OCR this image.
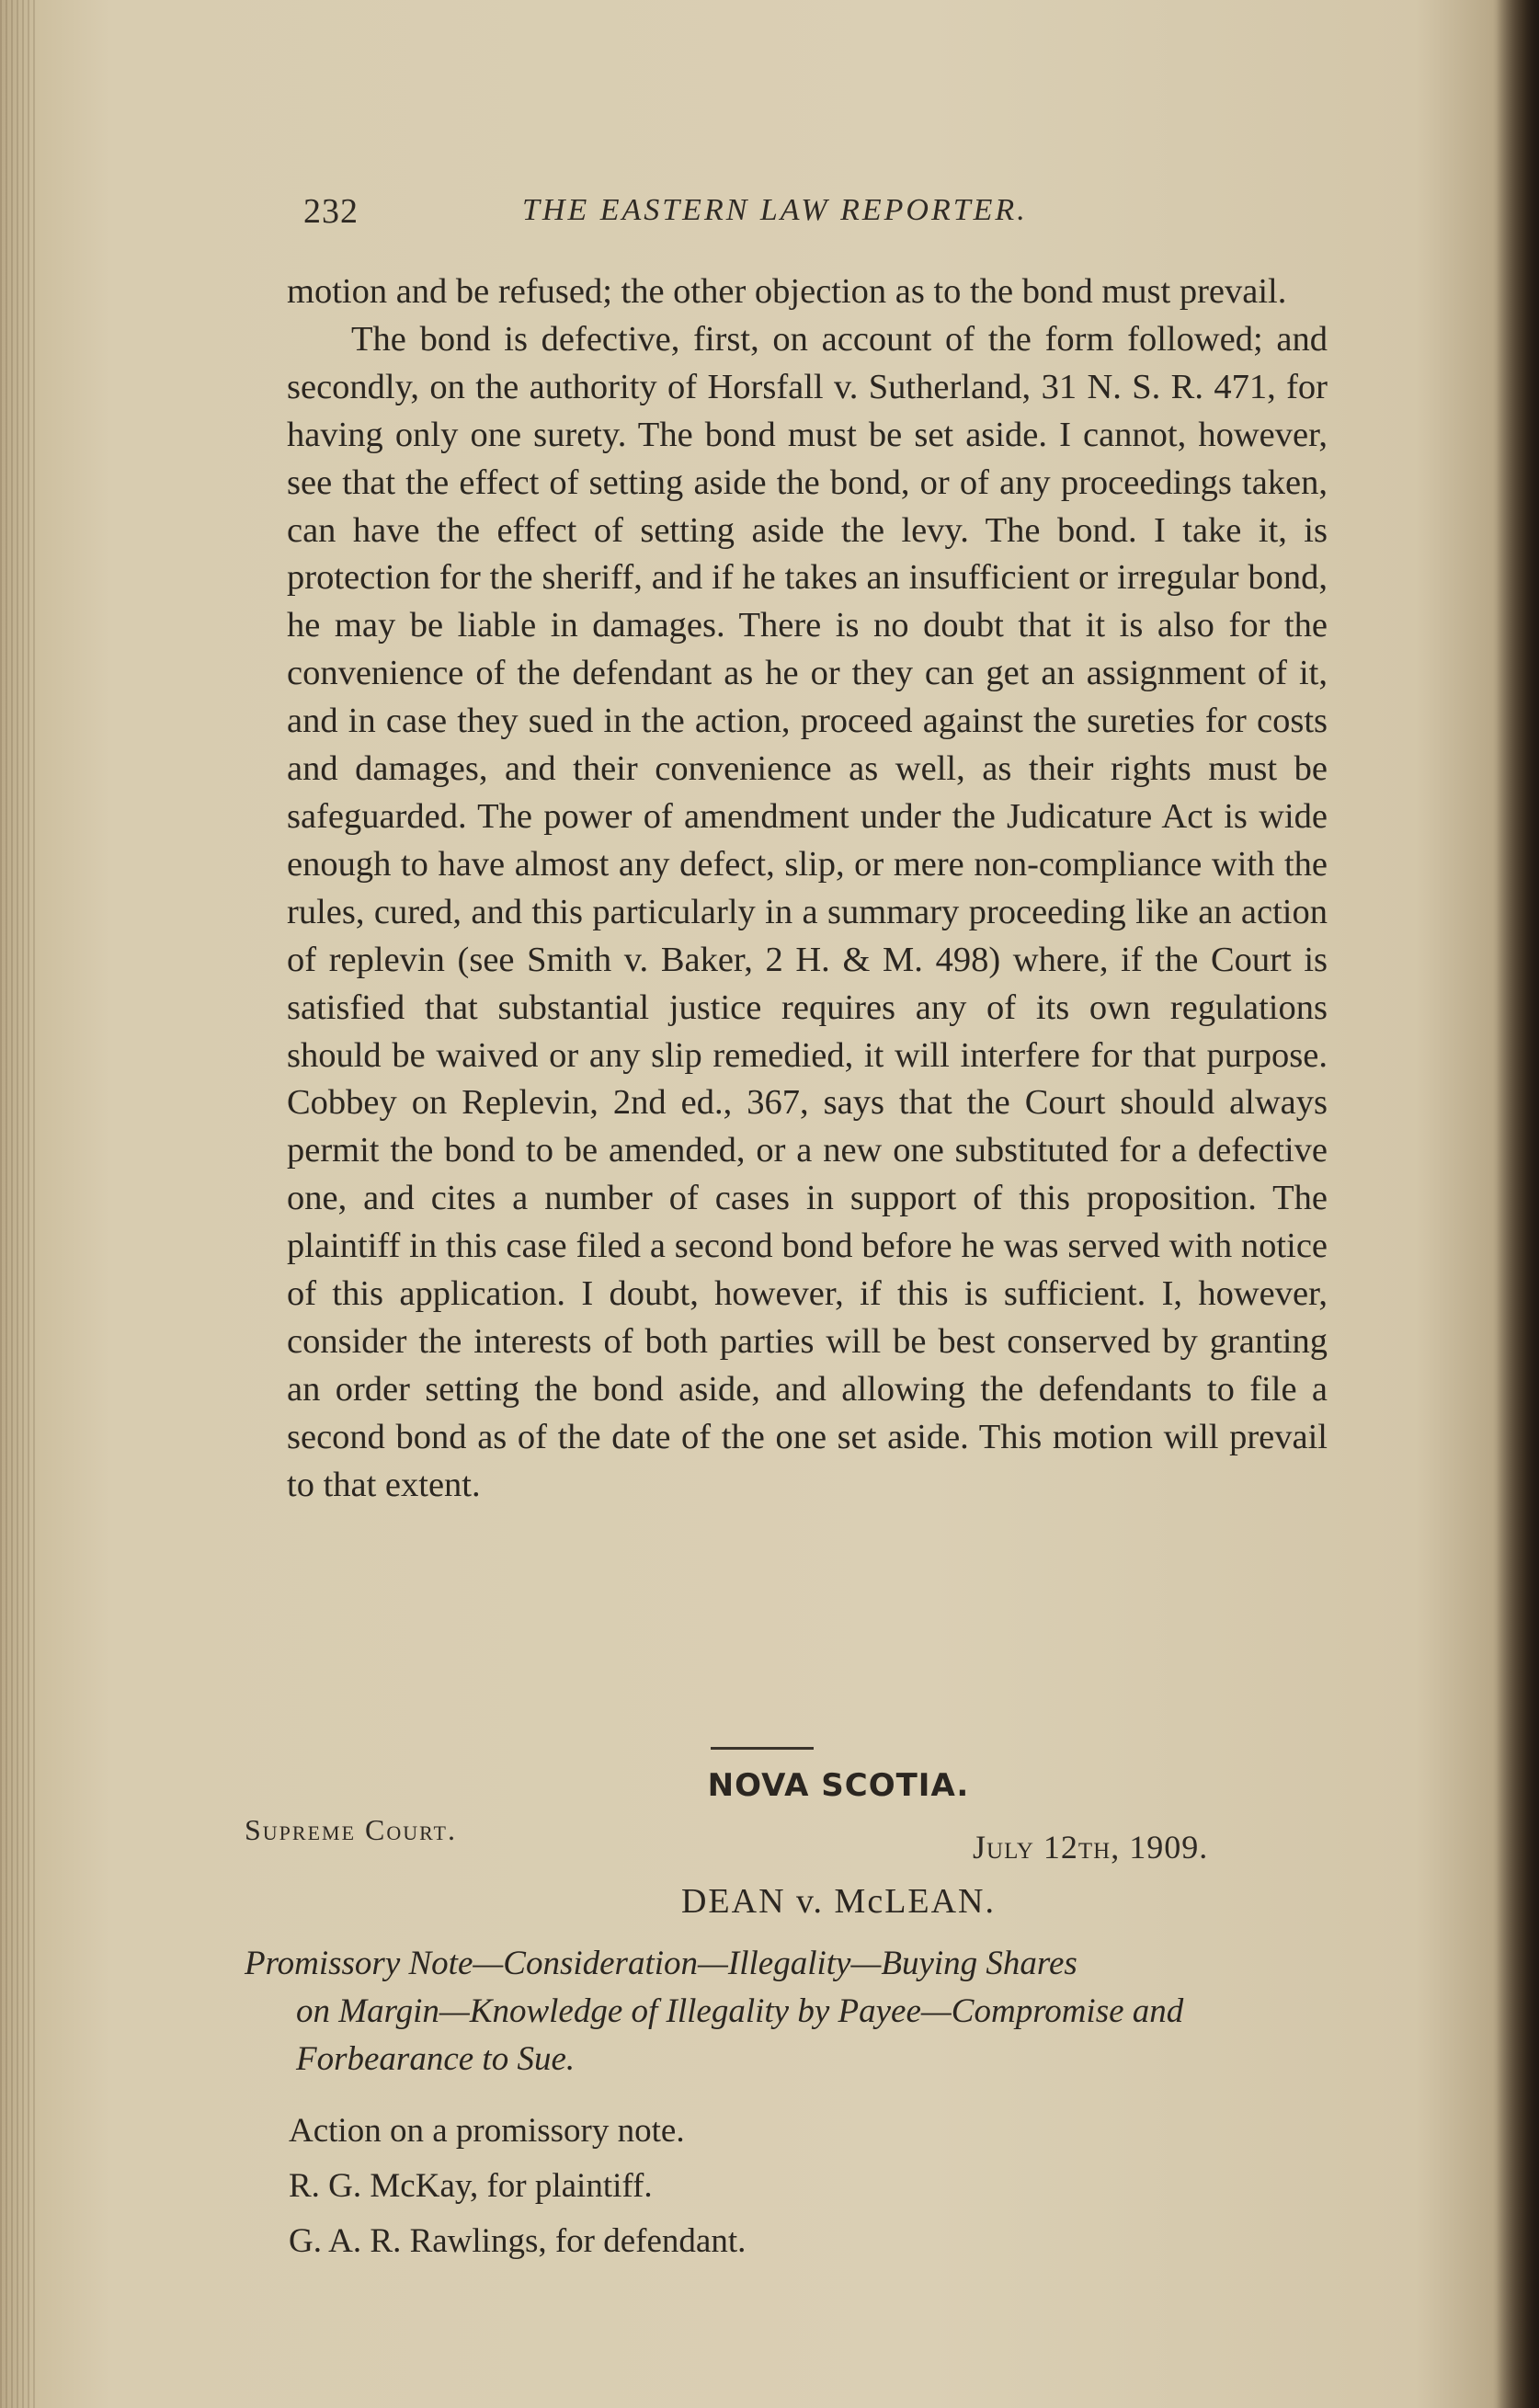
232	THE EASTERN LAW REPORTER.

motion and be refused; the other objection as to the bond must prevail.

The bond is defective, first, on account of the form followed; and secondly, on the authority of Horsfall v. Sutherland, 31 N. S. R. 471, for having only one surety. The bond must be set aside. I cannot, however, see that the effect of setting aside the bond, or of any proceedings taken, can have the effect of setting aside the levy. The bond. I take it, is protection for the sheriff, and if he takes an insufficient or irregular bond, he may be liable in damages. There is no doubt that it is also for the convenience of the defendant as he or they can get an assignment of it, and in case they sued in the action, proceed against the sureties for costs and damages, and their convenience as well, as their rights must be safeguarded. The power of amendment under the Judicature Act is wide enough to have almost any defect, slip, or mere non-compliance with the rules, cured, and this particularly in a summary proceeding like an action of replevin (see Smith v. Baker, 2 H. & M. 498) where, if the Court is satisfied that substantial justice requires any of its own regulations should be waived or any slip remedied, it will interfere for that purpose. Cobbey on Replevin, 2nd ed., 367, says that the Court should always permit the bond to be amended, or a new one substituted for a defective one, and cites a number of cases in support of this proposition. The plaintiff in this case filed a second bond before he was served with notice of this application. I doubt, however, if this is sufficient. I, however, consider the interests of both parties will be best conserved by granting an order setting the bond aside, and allowing the defendants to file a second bond as of the date of the one set aside. This motion will prevail to that extent.

NOVA SCOTIA.
Supreme Court.	July 12th, 1909.
DEAN v. McLEAN.
Promissory Note—Consideration—Illegality—Buying Shares
on Margin—Knowledge of Illegality by Payee—Compromise and Forbearance to Sue.
Action on a promissory note.
R. G. McKay, for plaintiff.
G. A. R. Rawlings, for defendant.
